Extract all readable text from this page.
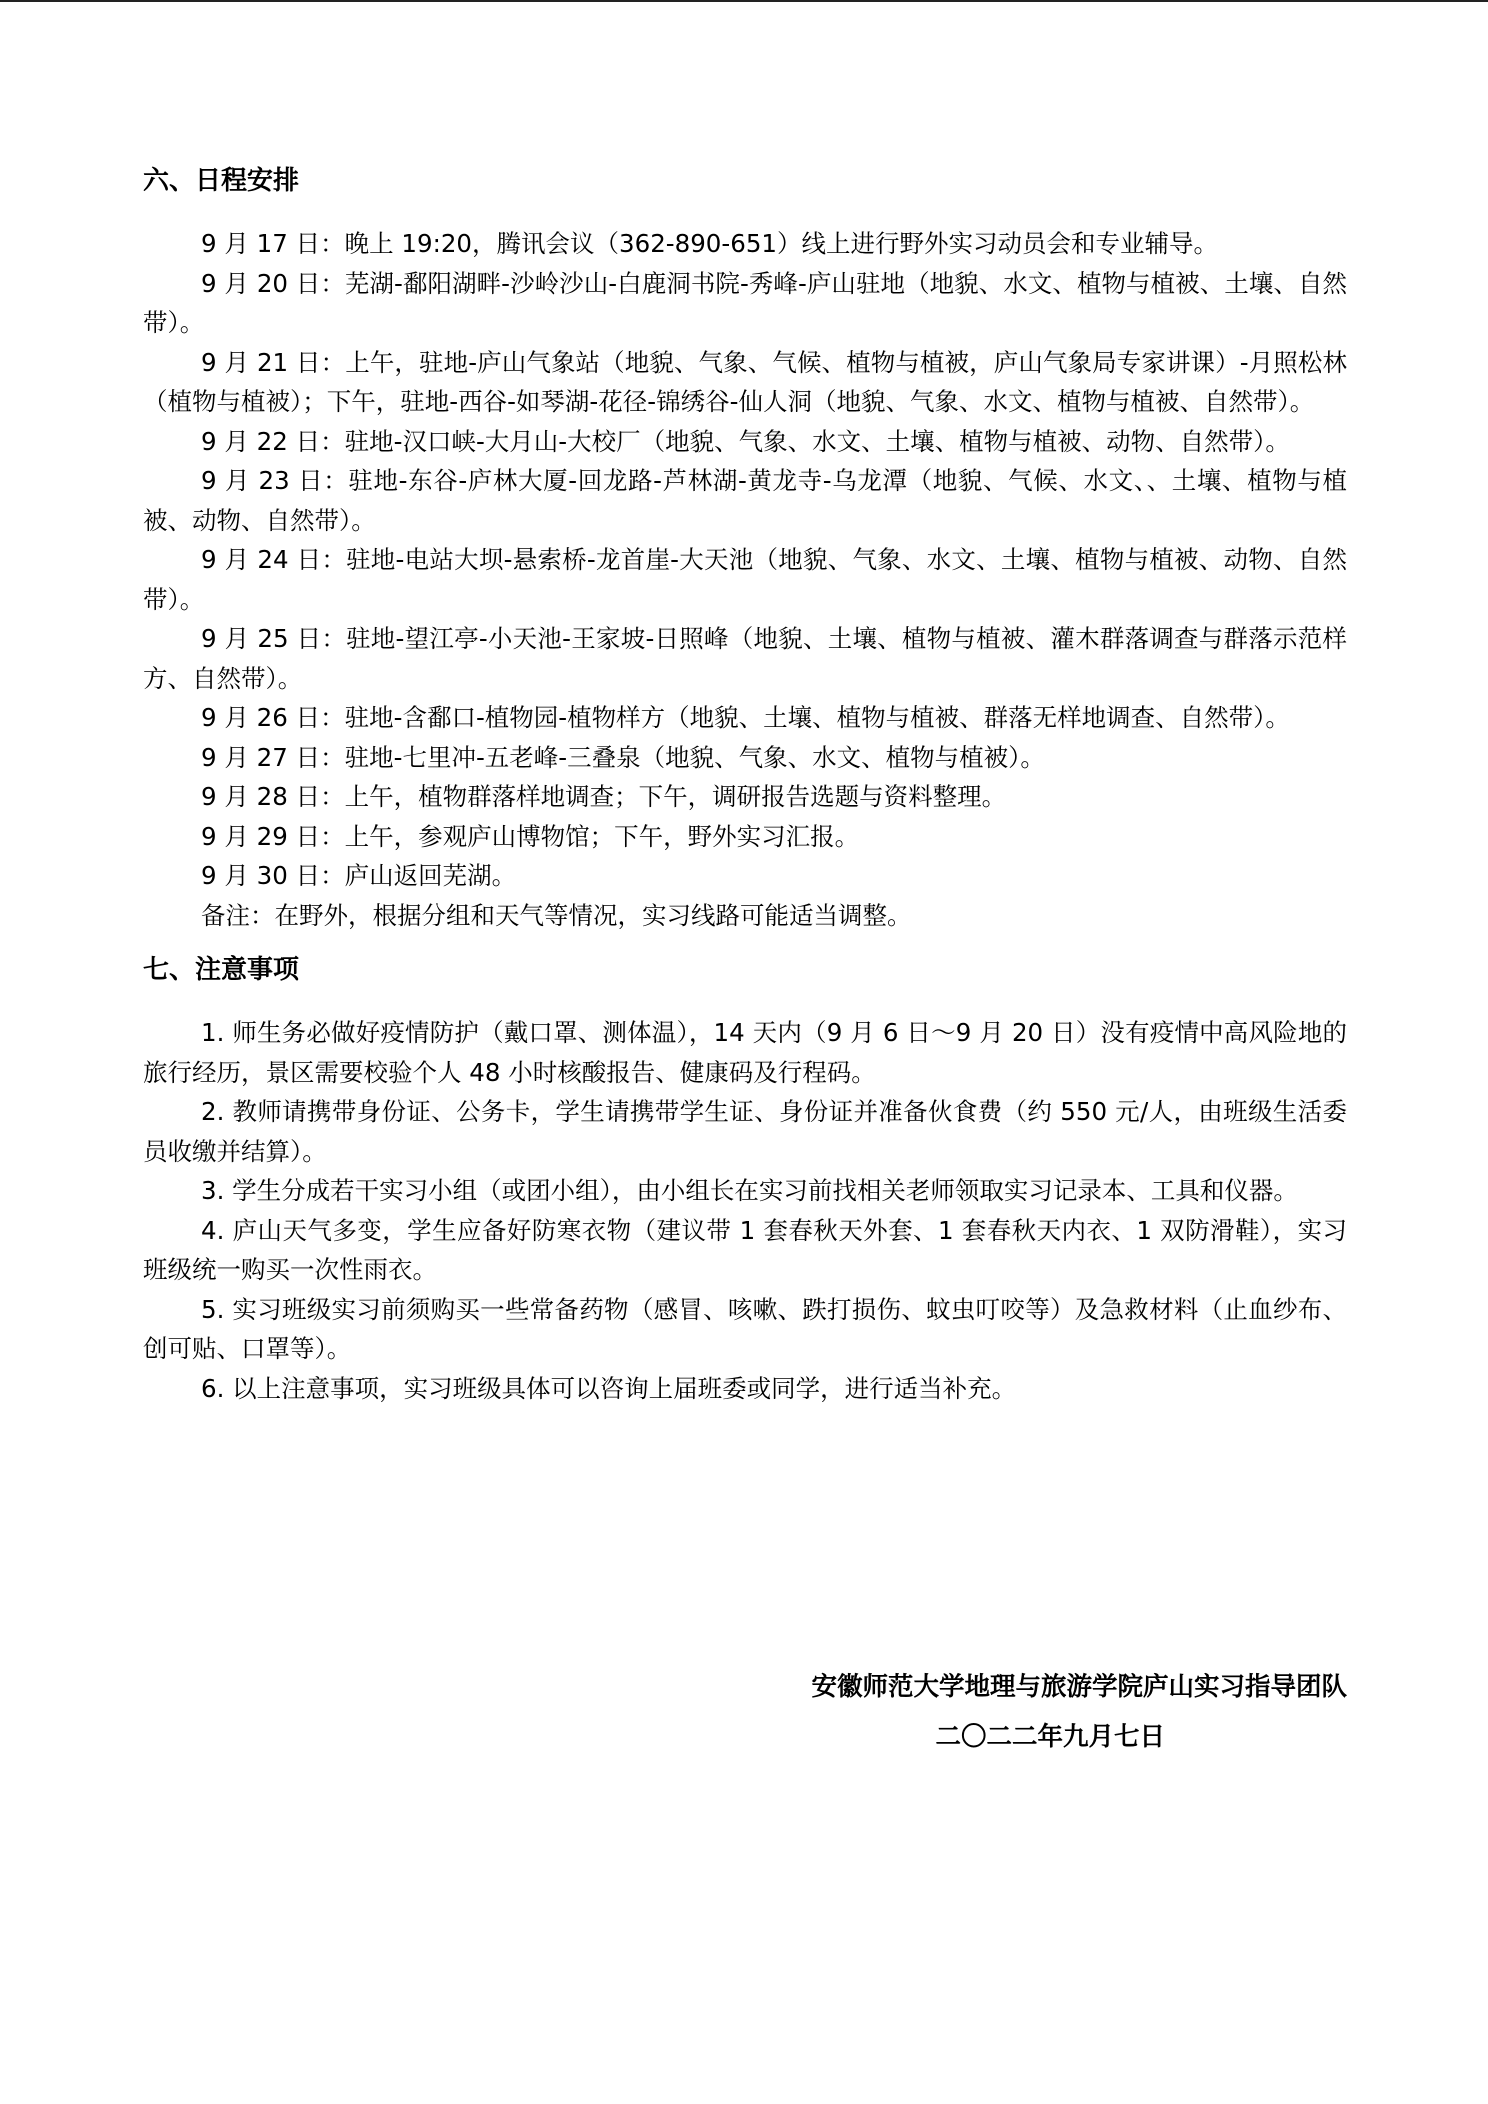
六、日程安排

9 月 17 日：晚上 19:20，腾讯会议（362-890-651）线上进行野外实习动员会和专业辅导。

9 月 20 日：芜湖-鄱阳湖畔-沙岭沙山-白鹿洞书院-秀峰-庐山驻地（地貌、水文、植物与植被、土壤、自然带）。

9 月 21 日：上午，驻地-庐山气象站（地貌、气象、气候、植物与植被，庐山气象局专家讲课）-月照松林（植物与植被）；下午，驻地-西谷-如琴湖-花径-锦绣谷-仙人洞（地貌、气象、水文、植物与植被、自然带）。

9 月 22 日：驻地-汉口峡-大月山-大校厂（地貌、气象、水文、土壤、植物与植被、动物、自然带）。

9 月 23 日：驻地-东谷-庐林大厦-回龙路-芦林湖-黄龙寺-乌龙潭（地貌、气候、水文、、土壤、植物与植被、动物、自然带）。

9 月 24 日：驻地-电站大坝-悬索桥-龙首崖-大天池（地貌、气象、水文、土壤、植物与植被、动物、自然带）。

9 月 25 日：驻地-望江亭-小天池-王家坡-日照峰（地貌、土壤、植物与植被、灌木群落调查与群落示范样方、自然带）。

9 月 26 日：驻地-含鄱口-植物园-植物样方（地貌、土壤、植物与植被、群落无样地调查、自然带）。

9 月 27 日：驻地-七里冲-五老峰-三叠泉（地貌、气象、水文、植物与植被）。

9 月 28 日：上午，植物群落样地调查；下午，调研报告选题与资料整理。

9 月 29 日：上午，参观庐山博物馆；下午，野外实习汇报。

9 月 30 日：庐山返回芜湖。

备注：在野外，根据分组和天气等情况，实习线路可能适当调整。

七、注意事项

1. 师生务必做好疫情防护（戴口罩、测体温），14 天内（9 月 6 日～9 月 20 日）没有疫情中高风险地的旅行经历，景区需要校验个人 48 小时核酸报告、健康码及行程码。

2. 教师请携带身份证、公务卡，学生请携带学生证、身份证并准备伙食费（约 550 元/人，由班级生活委员收缴并结算）。

3. 学生分成若干实习小组（或团小组），由小组长在实习前找相关老师领取实习记录本、工具和仪器。

4. 庐山天气多变，学生应备好防寒衣物（建议带 1 套春秋天外套、1 套春秋天内衣、1 双防滑鞋），实习班级统一购买一次性雨衣。

5. 实习班级实习前须购买一些常备药物（感冒、咳嗽、跌打损伤、蚊虫叮咬等）及急救材料（止血纱布、创可贴、口罩等）。

6. 以上注意事项，实习班级具体可以咨询上届班委或同学，进行适当补充。

安徽师范大学地理与旅游学院庐山实习指导团队
二〇二二年九月七日
